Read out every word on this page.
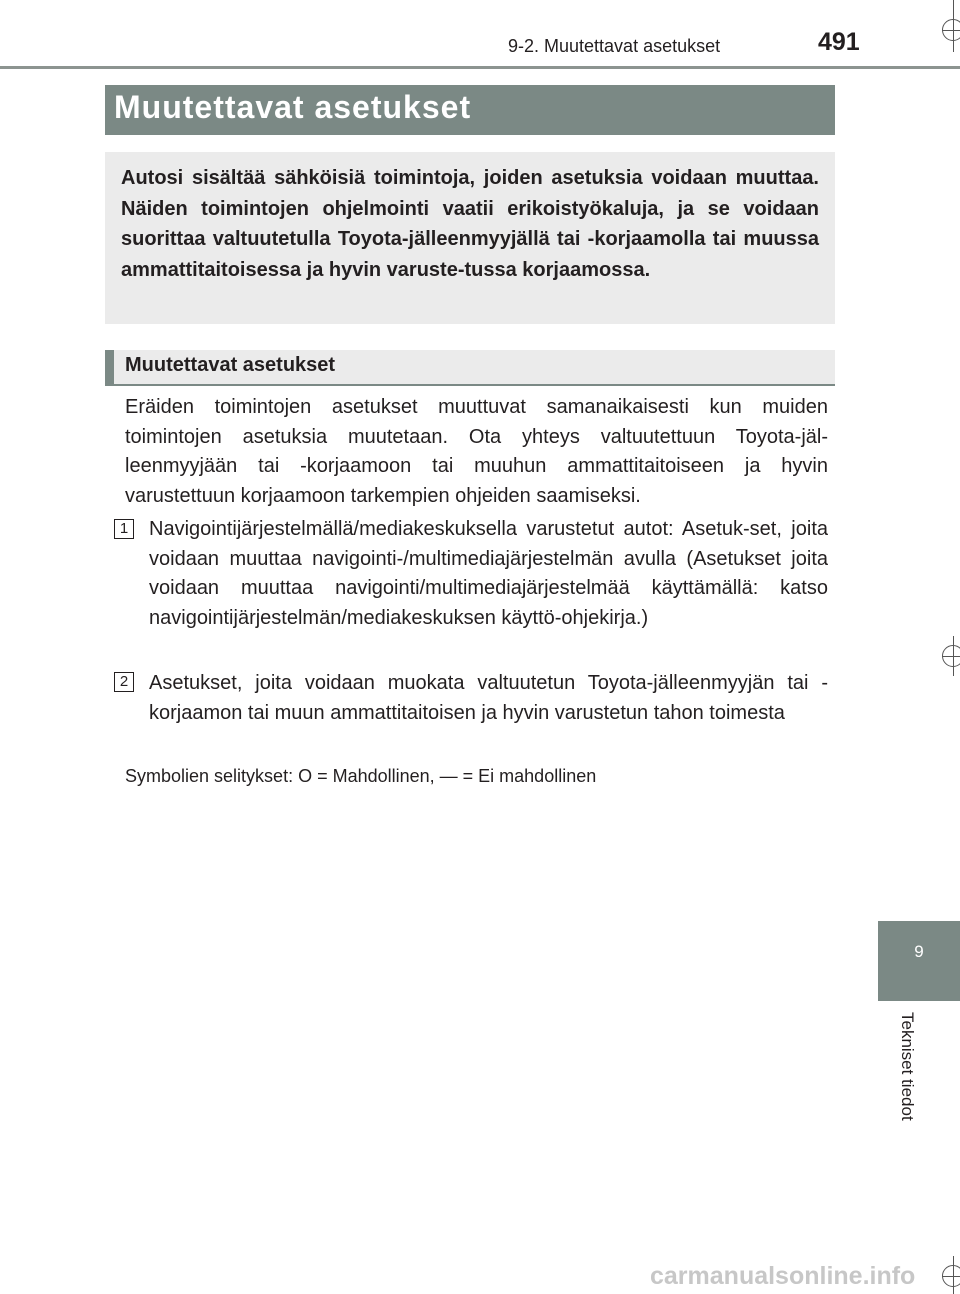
9-2. Muutettavat asetukset	491
Muutettavat asetukset
Autosi sisältää sähköisiä toimintoja, joiden asetuksia voidaan muuttaa. Näiden toimintojen ohjelmointi vaatii erikoistyökaluja, ja se voidaan suorittaa valtuutetulla Toyota-jälleenmyyjällä tai -korjaamolla tai muussa ammattitaitoisessa ja hyvin varuste-tussa korjaamossa.
Muutettavat asetukset
Eräiden toimintojen asetukset muuttuvat samanaikaisesti kun muiden toimintojen asetuksia muutetaan. Ota yhteys valtuutettuun Toyota-jäl-leenmyyjään tai -korjaamoon tai muuhun ammattitaitoiseen ja hyvin varustettuun korjaamoon tarkempien ohjeiden saamiseksi.
1 Navigointijärjestelmällä/mediakeskuksella varustetut autot: Asetuk-set, joita voidaan muuttaa navigointi-/multimediajärjestelmän avulla (Asetukset joita voidaan muuttaa navigointi/multimediajärjestelmää käyttämällä: katso navigointijärjestelmän/mediakeskuksen käyttö-ohjekirja.)
2 Asetukset, joita voidaan muokata valtuutetun Toyota-jälleenmyyjän tai -korjaamon tai muun ammattitaitoisen ja hyvin varustetun tahon toimesta
Symbolien selitykset: O = Mahdollinen, — = Ei mahdollinen
9
Tekniset tiedot
carmanualsonline.info
